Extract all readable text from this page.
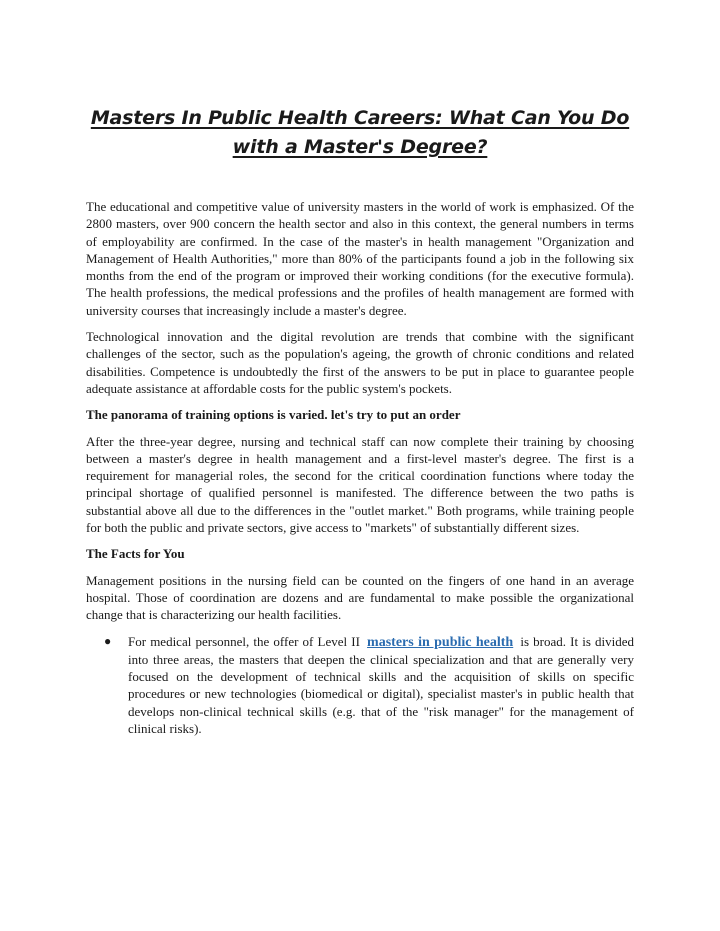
Masters In Public Health Careers: What Can You Do with a Master's Degree?

The educational and competitive value of university masters in the world of work is emphasized. Of the 2800 masters, over 900 concern the health sector and also in this context, the general numbers in terms of employability are confirmed. In the case of the master's in health management "Organization and Management of Health Authorities," more than 80% of the participants found a job in the following six months from the end of the program or improved their working conditions (for the executive formula). The health professions, the medical professions and the profiles of health management are formed with university courses that increasingly include a master's degree.

Technological innovation and the digital revolution are trends that combine with the significant challenges of the sector, such as the population's ageing, the growth of chronic conditions and related disabilities. Competence is undoubtedly the first of the answers to be put in place to guarantee people adequate assistance at affordable costs for the public system's pockets.

The panorama of training options is varied. let's try to put an order

After the three-year degree, nursing and technical staff can now complete their training by choosing between a master's degree in health management and a first-level master's degree. The first is a requirement for managerial roles, the second for the critical coordination functions where today the principal shortage of qualified personnel is manifested. The difference between the two paths is substantial above all due to the differences in the "outlet market." Both programs, while training people for both the public and private sectors, give access to "markets" of substantially different sizes.

The Facts for You

Management positions in the nursing field can be counted on the fingers of one hand in an average hospital. Those of coordination are dozens and are fundamental to make possible the organizational change that is characterizing our health facilities.

● For medical personnel, the offer of Level II masters in public health is broad. It is divided into three areas, the masters that deepen the clinical specialization and that are generally very focused on the development of technical skills and the acquisition of skills on specific procedures or new technologies (biomedical or digital), specialist master's in public health that develops non-clinical technical skills (e.g. that of the "risk manager" for the management of clinical risks).
